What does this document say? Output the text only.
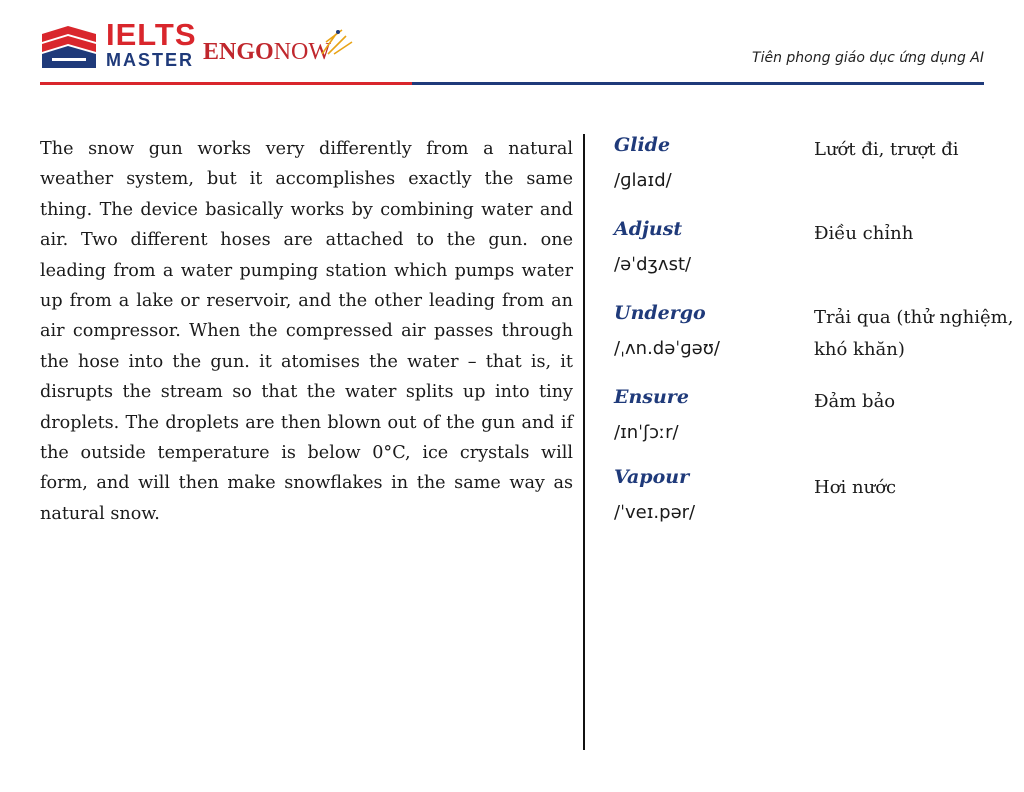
IELTS
MASTER ENGONOW	Tiên phong giáo dục ứng dụng AI
The snow gun works very differently from a natural weather system, but it accomplishes exactly the same thing. The device basically works by combining water and air. Two different hoses are attached to the gun. one leading from a water pumping station which pumps water up from a lake or reservoir, and the other leading from an air compressor. When the compressed air passes through the hose into the gun. it atomises the water – that is, it disrupts the stream so that the water splits up into tiny droplets. The droplets are then blown out of the gun and if the outside temperature is below 0°C, ice crystals will form, and will then make snowflakes in the same way as natural snow.
Glide
/ɡlaɪd/
Lướt đi, trượt đi
Adjust
/əˈdʒʌst/
Điều chỉnh
Undergo
/ˌʌn.dəˈɡəʊ/
Trải qua (thử nghiệm, khó khăn)
Ensure
/ɪnˈʃɔːr/
Đảm bảo
Vapour
/ˈveɪ.pər/
Hơi nước
